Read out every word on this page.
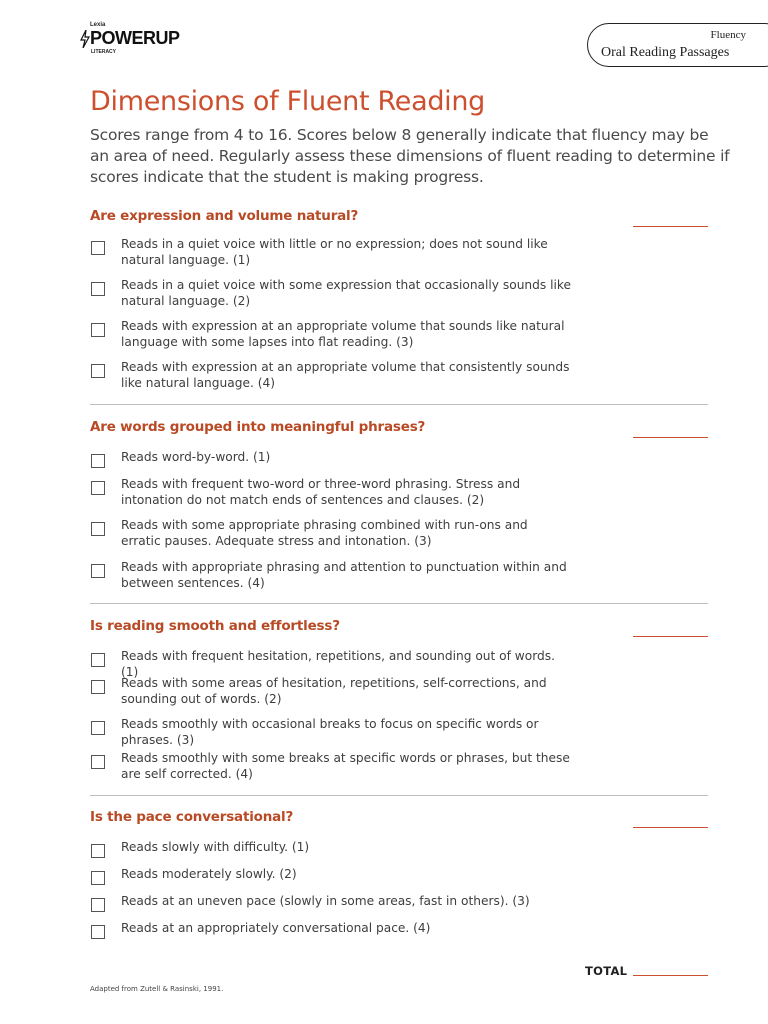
Lexia
POWERUP
LITERACY
Fluency
Oral Reading Passages
Dimensions of Fluent Reading

Scores range from 4 to 16. Scores below 8 generally indicate that fluency may be an area of need. Regularly assess these dimensions of fluent reading to determine if scores indicate that the student is making progress.

Are expression and volume natural?

Reads in a quiet voice with little or no expression; does not sound like natural language. (1)
Reads in a quiet voice with some expression that occasionally sounds like natural language. (2)
Reads with expression at an appropriate volume that sounds like natural language with some lapses into flat reading. (3)
Reads with expression at an appropriate volume that consistently sounds like natural language. (4)

Are words grouped into meaningful phrases?

Reads word-by-word. (1)
Reads with frequent two-word or three-word phrasing. Stress and intonation do not match ends of sentences and clauses. (2)
Reads with some appropriate phrasing combined with run-ons and erratic pauses. Adequate stress and intonation. (3)
Reads with appropriate phrasing and attention to punctuation within and between sentences. (4)

Is reading smooth and effortless?

Reads with frequent hesitation, repetitions, and sounding out of words. (1)
Reads with some areas of hesitation, repetitions, self-corrections, and sounding out of words. (2)
Reads smoothly with occasional breaks to focus on specific words or phrases. (3)
Reads smoothly with some breaks at specific words or phrases, but these are self corrected. (4)

Is the pace conversational?

Reads slowly with difficulty. (1)
Reads moderately slowly. (2)
Reads at an uneven pace (slowly in some areas, fast in others). (3)
Reads at an appropriately conversational pace. (4)
TOTAL
Adapted from Zutell & Rasinski, 1991.
